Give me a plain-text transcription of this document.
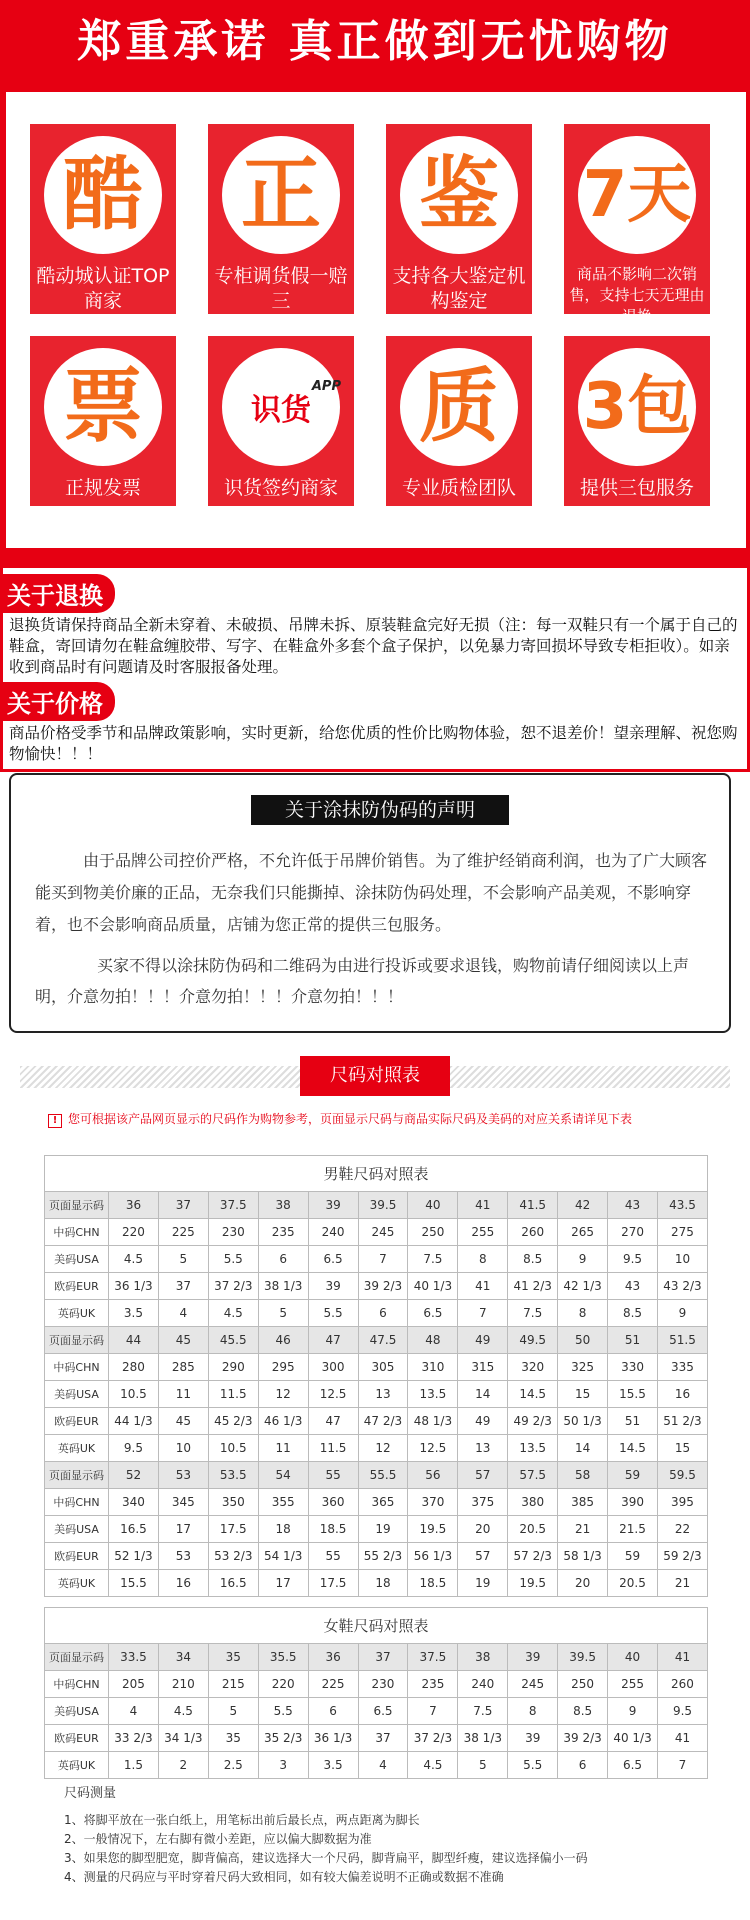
郑重承诺 真正做到无忧购物
酷
酷动城认证TOP商家
正
专柜调货假一赔三
鉴
支持各大鉴定机构鉴定
7天
商品不影响二次销售，支持七天无理由退换
票
正规发票
识货
APP
识货签约商家
质
专业质检团队
3包
提供三包服务
关于退换
退换货请保持商品全新未穿着、未破损、吊牌未拆、原装鞋盒完好无损（注：每一双鞋只有一个属于自己的鞋盒，寄回请勿在鞋盒缠胶带、写字、在鞋盒外多套个盒子保护，以免暴力寄回损坏导致专柜拒收）。如亲收到商品时有问题请及时客服报备处理。
关于价格
商品价格受季节和品牌政策影响，实时更新，给您优质的性价比购物体验，恕不退差价！望亲理解、祝您购物愉快！！！
关于涂抹防伪码的声明

由于品牌公司控价严格，不允许低于吊牌价销售。为了维护经销商利润，也为了广大顾客能买到物美价廉的正品，无奈我们只能撕掉、涂抹防伪码处理，不会影响产品美观，不影响穿着，也不会影响商品质量，店铺为您正常的提供三包服务。

买家不得以涂抹防伪码和二维码为由进行投诉或要求退钱，购物前请仔细阅读以上声明，介意勿拍！！！介意勿拍！！！介意勿拍！！！

尺码对照表
! 您可根据该产品网页显示的尺码作为购物参考，页面显示尺码与商品实际尺码及美码的对应关系请详见下表
男鞋尺码对照表
页面显示码	36	37	37.5	38	39	39.5	40	41	41.5	42	43	43.5
中码CHN	220	225	230	235	240	245	250	255	260	265	270	275
美码USA	4.5	5	5.5	6	6.5	7	7.5	8	8.5	9	9.5	10
欧码EUR	36 1/3	37	37 2/3	38 1/3	39	39 2/3	40 1/3	41	41 2/3	42 1/3	43	43 2/3
英码UK	3.5	4	4.5	5	5.5	6	6.5	7	7.5	8	8.5	9
页面显示码	44	45	45.5	46	47	47.5	48	49	49.5	50	51	51.5
中码CHN	280	285	290	295	300	305	310	315	320	325	330	335
美码USA	10.5	11	11.5	12	12.5	13	13.5	14	14.5	15	15.5	16
欧码EUR	44 1/3	45	45 2/3	46 1/3	47	47 2/3	48 1/3	49	49 2/3	50 1/3	51	51 2/3
英码UK	9.5	10	10.5	11	11.5	12	12.5	13	13.5	14	14.5	15
页面显示码	52	53	53.5	54	55	55.5	56	57	57.5	58	59	59.5
中码CHN	340	345	350	355	360	365	370	375	380	385	390	395
美码USA	16.5	17	17.5	18	18.5	19	19.5	20	20.5	21	21.5	22
欧码EUR	52 1/3	53	53 2/3	54 1/3	55	55 2/3	56 1/3	57	57 2/3	58 1/3	59	59 2/3
英码UK	15.5	16	16.5	17	17.5	18	18.5	19	19.5	20	20.5	21
女鞋尺码对照表
页面显示码	33.5	34	35	35.5	36	37	37.5	38	39	39.5	40	41
中码CHN	205	210	215	220	225	230	235	240	245	250	255	260
美码USA	4	4.5	5	5.5	6	6.5	7	7.5	8	8.5	9	9.5
欧码EUR	33 2/3	34 1/3	35	35 2/3	36 1/3	37	37 2/3	38 1/3	39	39 2/3	40 1/3	41
英码UK	1.5	2	2.5	3	3.5	4	4.5	5	5.5	6	6.5	7
尺码测量
1、将脚平放在一张白纸上，用笔标出前后最长点，两点距离为脚长
2、一般情况下，左右脚有微小差距，应以偏大脚数据为准
3、如果您的脚型肥宽，脚背偏高，建议选择大一个尺码，脚背扁平，脚型纤瘦，建议选择偏小一码
4、测量的尺码应与平时穿着尺码大致相同，如有较大偏差说明不正确或数据不准确
